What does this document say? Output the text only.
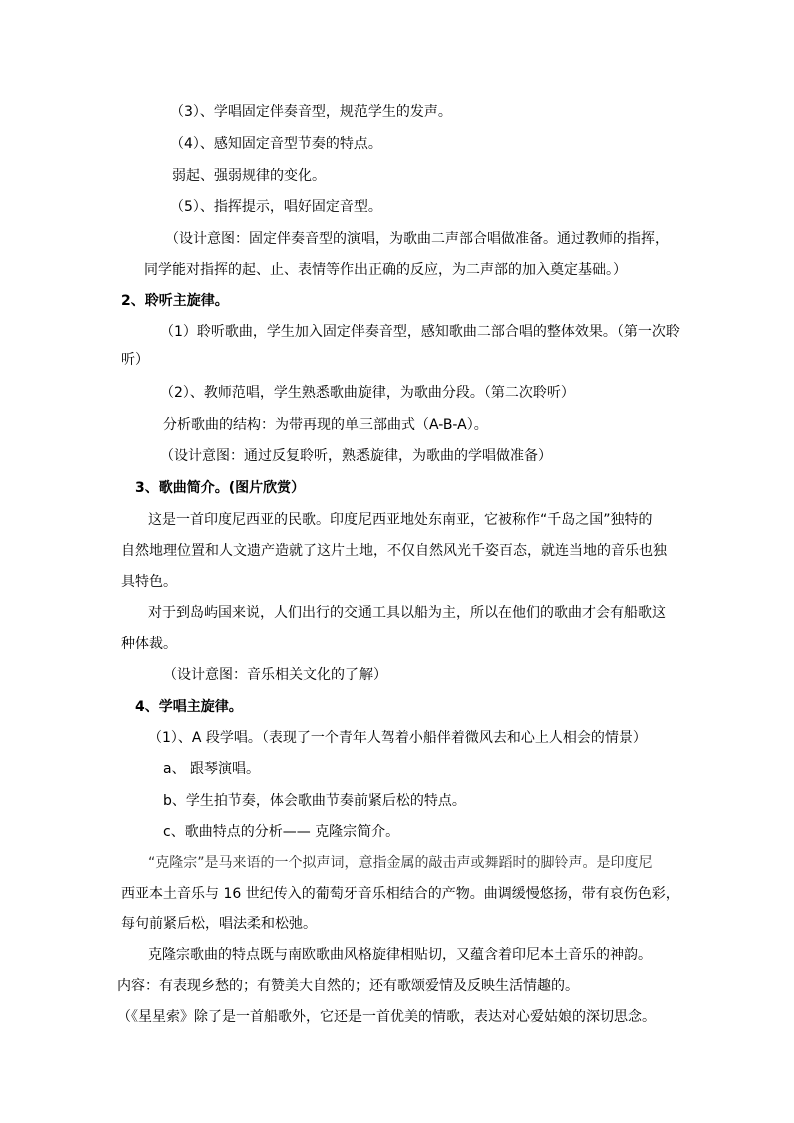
（3）、学唱固定伴奏音型，规范学生的发声。
（4）、感知固定音型节奏的特点。
弱起、强弱规律的变化。
（5）、指挥提示，唱好固定音型。
（设计意图：固定伴奏音型的演唱，为歌曲二声部合唱做准备。通过教师的指挥，
同学能对指挥的起、止、表情等作出正确的反应，为二声部的加入奠定基础。）
2、聆听主旋律。
（1）聆听歌曲，学生加入固定伴奏音型，感知歌曲二部合唱的整体效果。（第一次聆
听）
（2）、教师范唱，学生熟悉歌曲旋律，为歌曲分段。（第二次聆听）
分析歌曲的结构：为带再现的单三部曲式（A-B-A）。
（设计意图：通过反复聆听，熟悉旋律，为歌曲的学唱做准备）
3、歌曲简介。(图片欣赏）
这是一首印度尼西亚的民歌。印度尼西亚地处东南亚，它被称作“千岛之国”独特的
自然地理位置和人文遗产造就了这片土地，不仅自然风光千姿百态，就连当地的音乐也独
具特色。
对于到岛屿国来说，人们出行的交通工具以船为主，所以在他们的歌曲才会有船歌这
种体裁。
（设计意图：音乐相关文化的了解）
4、学唱主旋律。
（1）、A 段学唱。（表现了一个青年人驾着小船伴着微风去和心上人相会的情景）
a、 跟琴演唱。
b、学生拍节奏，体会歌曲节奏前紧后松的特点。
c、歌曲特点的分析—— 克隆宗简介。
“克隆宗”是马来语的一个拟声词，意指金属的敲击声或舞蹈时的脚铃声。是印度尼
西亚本土音乐与 16 世纪传入的葡萄牙音乐相结合的产物。曲调缓慢悠扬，带有哀伤色彩，
每句前紧后松，唱法柔和松弛。
克隆宗歌曲的特点既与南欧歌曲风格旋律相贴切，又蕴含着印尼本土音乐的神韵。
内容：有表现乡愁的；有赞美大自然的；还有歌颂爱情及反映生活情趣的。
（《星星索》除了是一首船歌外，它还是一首优美的情歌，表达对心爱姑娘的深切思念。
